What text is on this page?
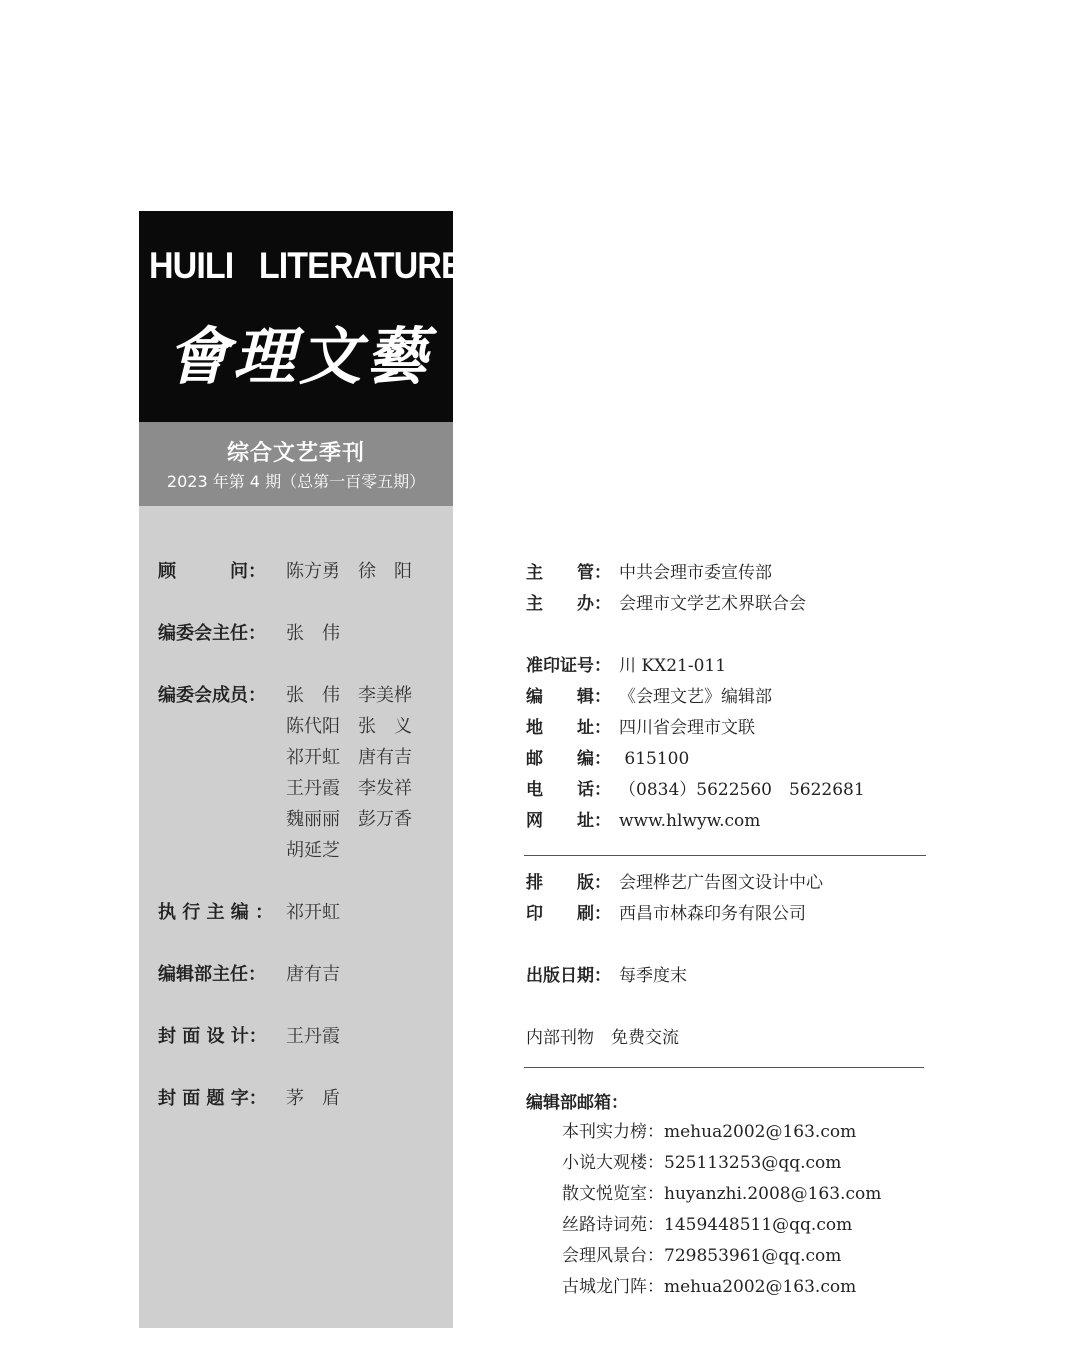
HUILI   LITERATURE
會理文藝
综合文艺季刊
2023 年第 4 期（总第一百零五期）
顾　　　问：	陈方勇　徐　阳
编委会主任：	张　伟
编委会成员：	张　伟　李美桦
陈代阳　张　义
祁开虹　唐有吉
王丹霞　李发祥
魏丽丽　彭万香
胡延芝
执 行 主 编 ： 祁开虹
编辑部主任：	唐有吉
封 面 设 计：	王丹霞
封 面 题 字：	茅　盾
主　　管： 中共会理市委宣传部
主　　办： 会理市文学艺术界联合会
准印证号： 川 KX21-011
编　　辑： 《会理文艺》编辑部
地　　址： 四川省会理市文联
邮　　编： 615100
电　　话： （0834）5622560　5622681
网　　址： www.hlwyw.com
排　　版： 会理桦艺广告图文设计中心
印　　刷： 西昌市林森印务有限公司
出版日期： 每季度末
内部刊物　免费交流
编辑部邮箱：
本刊实力榜：mehua2002@163.com
小说大观楼：525113253@qq.com
散文悦览室：huyanzhi.2008@163.com
丝路诗词苑：1459448511@qq.com
会理风景台：729853961@qq.com
古城龙门阵：mehua2002@163.com
